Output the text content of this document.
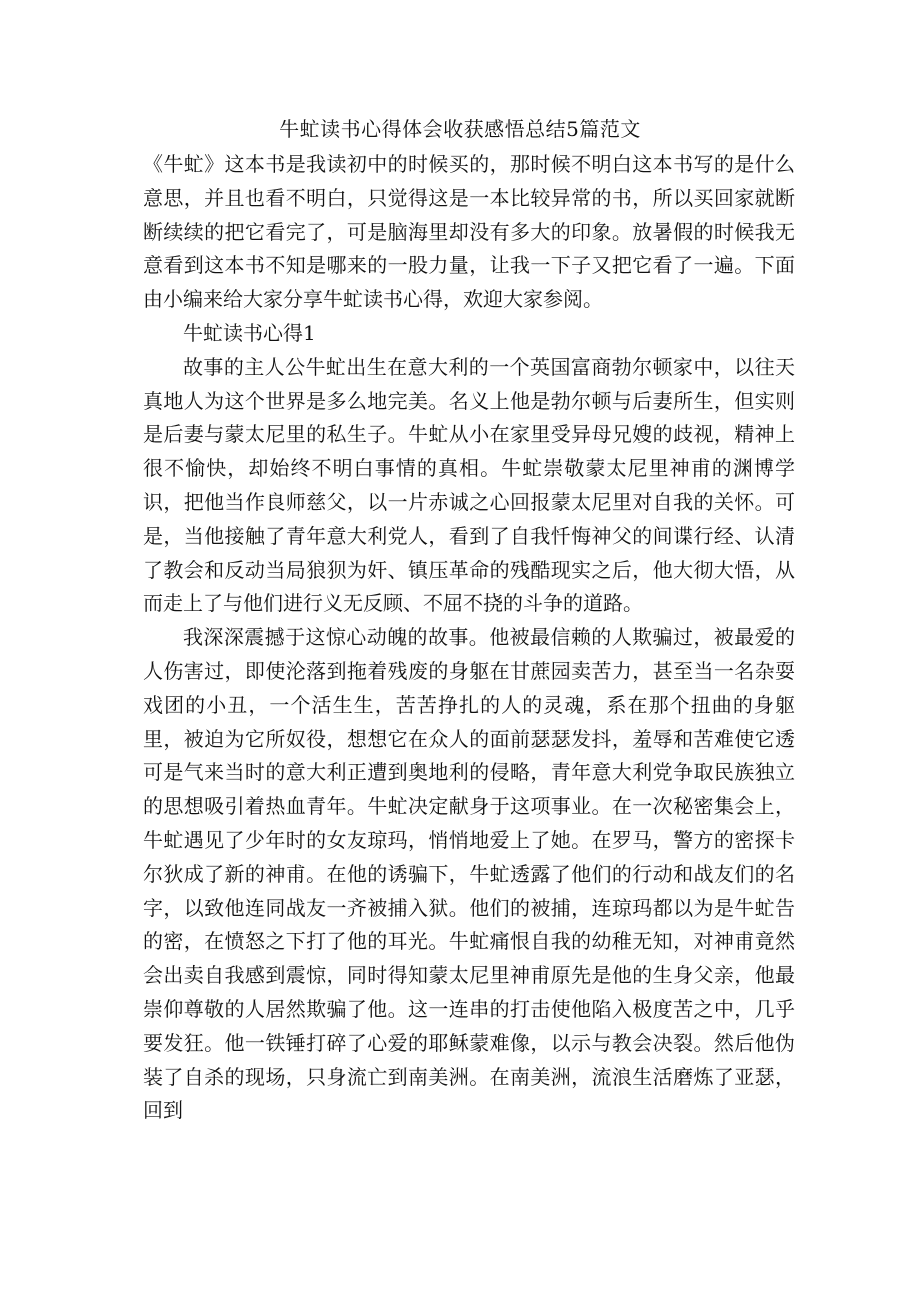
牛虻读书心得体会收获感悟总结5篇范文

《牛虻》这本书是我读初中的时候买的，那时候不明白这本书写的是什么意思，并且也看不明白，只觉得这是一本比较异常的书，所以买回家就断断续续的把它看完了，可是脑海里却没有多大的印象。放暑假的时候我无意看到这本书不知是哪来的一股力量，让我一下子又把它看了一遍。下面由小编来给大家分享牛虻读书心得，欢迎大家参阅。

牛虻读书心得1

故事的主人公牛虻出生在意大利的一个英国富商勃尔顿家中，以往天真地人为这个世界是多么地完美。名义上他是勃尔顿与后妻所生，但实则是后妻与蒙太尼里的私生子。牛虻从小在家里受异母兄嫂的歧视，精神上很不愉快，却始终不明白事情的真相。牛虻崇敬蒙太尼里神甫的渊博学识，把他当作良师慈父，以一片赤诚之心回报蒙太尼里对自我的关怀。可是，当他接触了青年意大利党人，看到了自我忏悔神父的间谍行经、认清了教会和反动当局狼狈为奸、镇压革命的残酷现实之后，他大彻大悟，从而走上了与他们进行义无反顾、不屈不挠的斗争的道路。

我深深震撼于这惊心动魄的故事。他被最信赖的人欺骗过，被最爱的人伤害过，即使沦落到拖着残废的身躯在甘蔗园卖苦力，甚至当一名杂耍戏团的小丑，一个活生生，苦苦挣扎的人的灵魂，系在那个扭曲的身躯里，被迫为它所奴役，想想它在众人的面前瑟瑟发抖，羞辱和苦难使它透可是气来当时的意大利正遭到奥地利的侵略，青年意大利党争取民族独立的思想吸引着热血青年。牛虻决定献身于这项事业。在一次秘密集会上，牛虻遇见了少年时的女友琼玛，悄悄地爱上了她。在罗马，警方的密探卡尔狄成了新的神甫。在他的诱骗下，牛虻透露了他们的行动和战友们的名字，以致他连同战友一齐被捕入狱。他们的被捕，连琼玛都以为是牛虻告的密，在愤怒之下打了他的耳光。牛虻痛恨自我的幼稚无知，对神甫竟然会出卖自我感到震惊，同时得知蒙太尼里神甫原先是他的生身父亲，他最崇仰尊敬的人居然欺骗了他。这一连串的打击使他陷入极度苦之中，几乎要发狂。他一铁锤打碎了心爱的耶稣蒙难像，以示与教会决裂。然后他伪装了自杀的现场，只身流亡到南美洲。在南美洲，流浪生活磨炼了亚瑟，回到
